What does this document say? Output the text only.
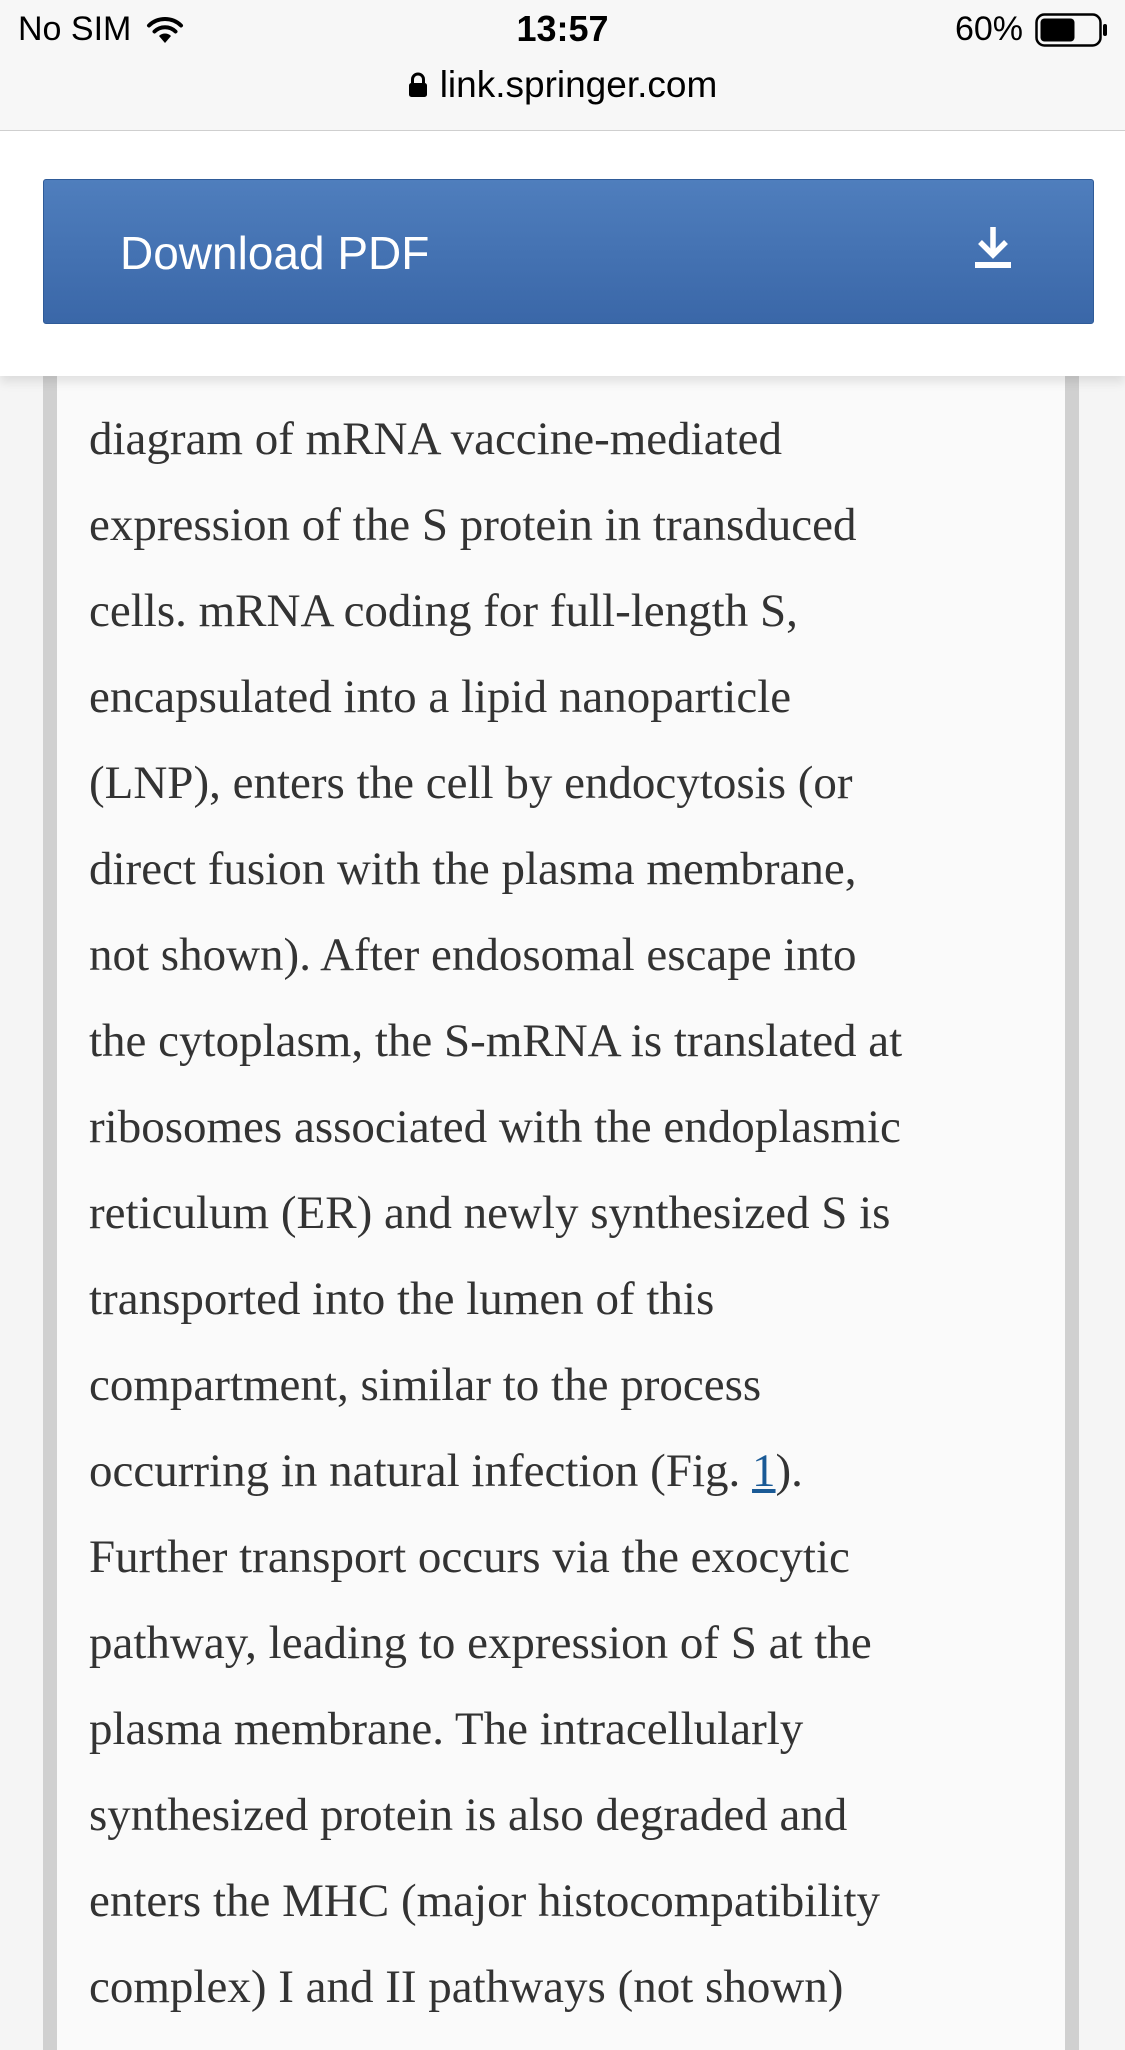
No SIM	13:57	60%
link.springer.com
Download PDF

diagram of mRNA vaccine-mediated
expression of the S protein in transduced
cells. mRNA coding for full-length S,
encapsulated into a lipid nanoparticle
(LNP), enters the cell by endocytosis (or
direct fusion with the plasma membrane,
not shown). After endosomal escape into
the cytoplasm, the S-mRNA is translated at
ribosomes associated with the endoplasmic
reticulum (ER) and newly synthesized S is
transported into the lumen of this
compartment, similar to the process
occurring in natural infection (Fig. 1).
Further transport occurs via the exocytic
pathway, leading to expression of S at the
plasma membrane. The intracellularly
synthesized protein is also degraded and
enters the MHC (major histocompatibility
complex) I and II pathways (not shown)
